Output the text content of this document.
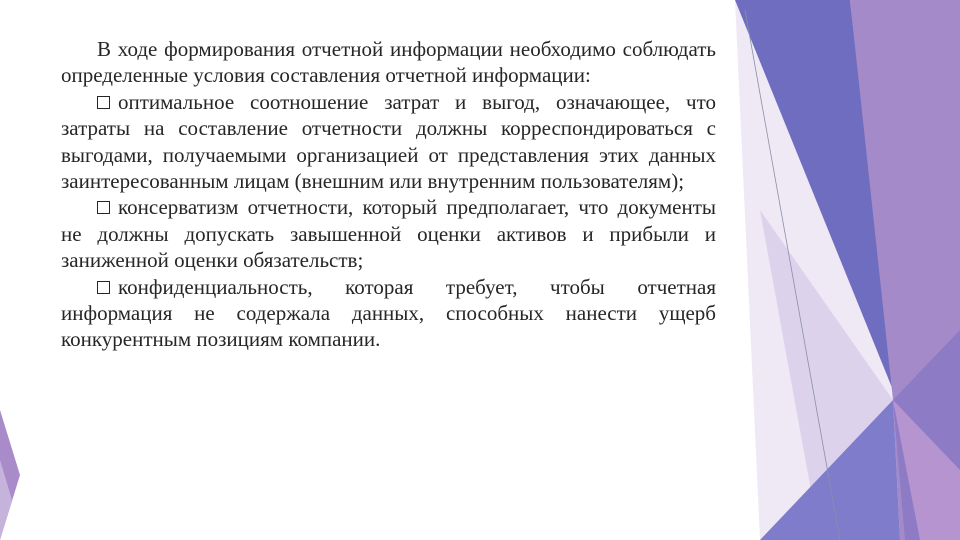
В ходе формирования отчетной информации необходимо соблюдать определенные условия составления отчетной информации:

оптимальное соотношение затрат и выгод, означающее, что затраты на составление отчетности должны корреспондироваться с выгодами, получаемыми организацией от представления этих данных заинтересованным лицам (внешним или внутренним пользователям);

консерватизм отчетности, который предполагает, что документы не должны допускать завышенной оценки активов и прибыли и заниженной оценки обязательств;

конфиденциальность, которая требует, чтобы отчетная информация не содержала данных, способных нанести ущерб конкурентным позициям компании.
